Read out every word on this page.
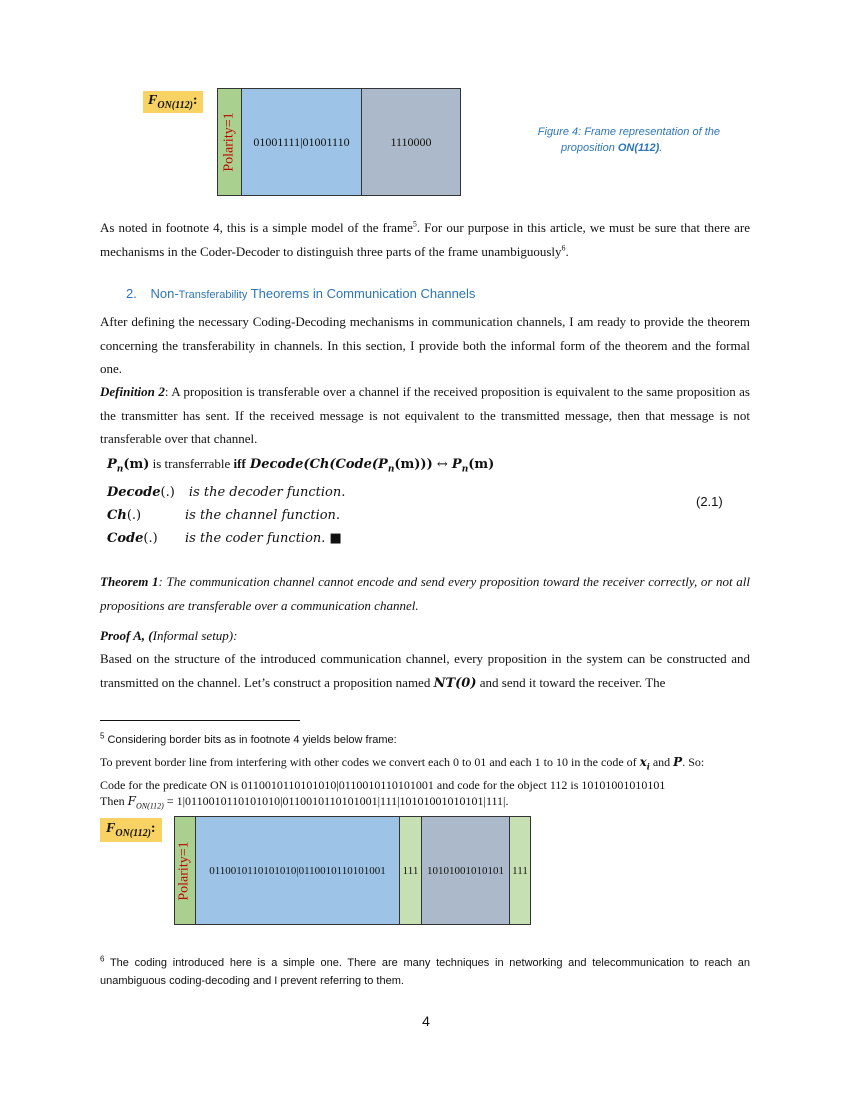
$F_{ON(112)}$:
Polarity=1 01001111|01001110	1110000
Figure 4: Frame representation of the
proposition ON(112).
As noted in footnote 4, this is a simple model of the frame$^5$. For our purpose in this article, we must be sure that there are mechanisms in the Coder-Decoder to distinguish three parts of the frame unambiguously$^6$.
2. Non-Transferability Theorems in Communication Channels
After defining the necessary Coding-Decoding mechanisms in communication channels, I am ready to provide the theorem concerning the transferability in channels. In this section, I provide both the informal form of the theorem and the formal one.
Definition 2: A proposition is transferable over a channel if the received proposition is equivalent to the same proposition as the transmitter has sent. If the received message is not equivalent to the transmitted message, then that message is not transferable over that channel.
$P_n(m)$ is transferrable iff $Decode(Ch(Code(P_n(m)))$ ↔ $P_n(m)$
Decode(.) is the decoder function.
Ch(.)	is the channel function.
Code(.) is the coder function. ■
(2.1)
Theorem 1: The communication channel cannot encode and send every proposition toward the receiver correctly, or not all propositions are transferable over a communication channel.
Proof A, (Informal setup):
Based on the structure of the introduced communication channel, every proposition in the system can be constructed and transmitted on the channel. Let’s construct a proposition named NT(0) and send it toward the receiver. The
$^5$ Considering border bits as in footnote 4 yields below frame:
To prevent border line from interfering with other codes we convert each 0 to 01 and each 1 to 10 in the code of $x_i$ and P. So:
Code for the predicate ON is 0110010110101010|0110010110101001 and code for the object 112 is 10101001010101
Then $F_{ON(112)} = 1|0110010110101010|0110010110101001|111|10101001010101|111|$.
$F_{ON(112)}$:
Polarity=1 0110010110101010|0110010110101001 111 10101001010101 111
$^6$ The coding introduced here is a simple one. There are many techniques in networking and telecommunication to reach an unambiguous coding-decoding and I prevent referring to them.
4
